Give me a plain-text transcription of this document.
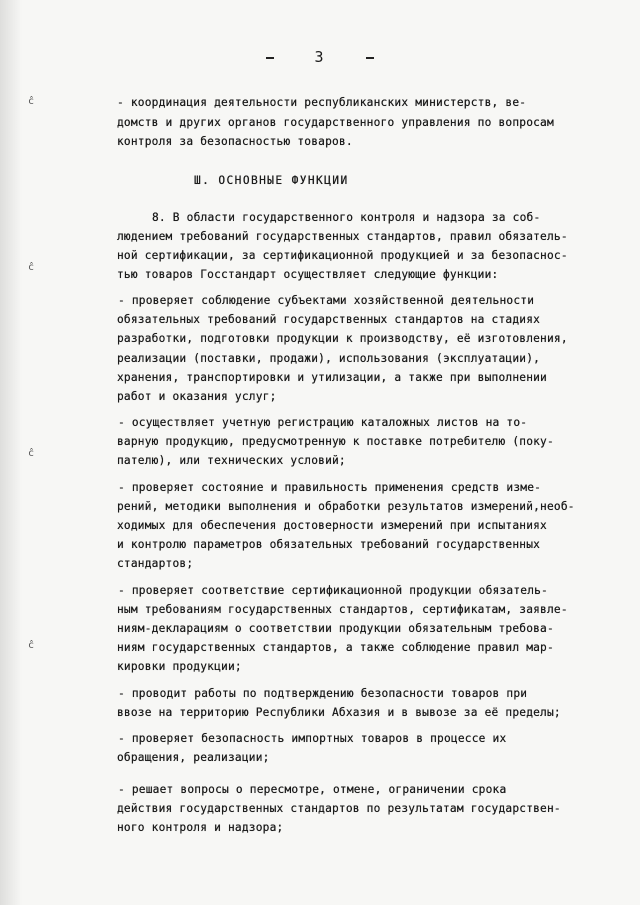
ĉ
ĉ
ĉ
ĉ
3
- координация деятельности республиканских министерств, ве-
домств и других органов государственного управления по вопросам
контроля за безопасностью товаров.
Ш. ОСНОВНЫЕ ФУНКЦИИ
8. В области государственного контроля и надзора за соб-
людением требований государственных стандартов, правил обязатель-
ной сертификации, за сертификационной продукцией и за безопаснос-
тью товаров Госстандарт осуществляет следующие функции:
- проверяет соблюдение субъектами хозяйственной деятельности
обязательных требований государственных стандартов на стадиях
разработки, подготовки продукции к производству, её изготовления,
реализации (поставки, продажи), использования (эксплуатации),
хранения, транспортировки и утилизации, а также при выполнении
работ и оказания услуг;
- осуществляет учетную регистрацию каталожных листов на то-
варную продукцию, предусмотренную к поставке потребителю (поку-
пателю), или технических условий;
- проверяет состояние и правильность применения средств изме-
рений, методики выполнения и обработки результатов измерений,необ-
ходимых для обеспечения достоверности измерений при испытаниях
и контролю параметров обязательных требований государственных
стандартов;
- проверяет соответствие сертификационной продукции обязатель-
ным требованиям государственных стандартов, сертификатам, заявле-
ниям-декларациям о соответствии продукции обязательным требова-
ниям государственных стандартов, а также соблюдение правил мар-
кировки продукции;
- проводит работы по подтверждению безопасности товаров при
ввозе на территорию Республики Абхазия и в вывозе за её пределы;
- проверяет безопасность импортных товаров в процессе их
обращения, реализации;
- решает вопросы о пересмотре, отмене, ограничении срока
действия государственных стандартов по результатам государствен-
ного контроля и надзора;
